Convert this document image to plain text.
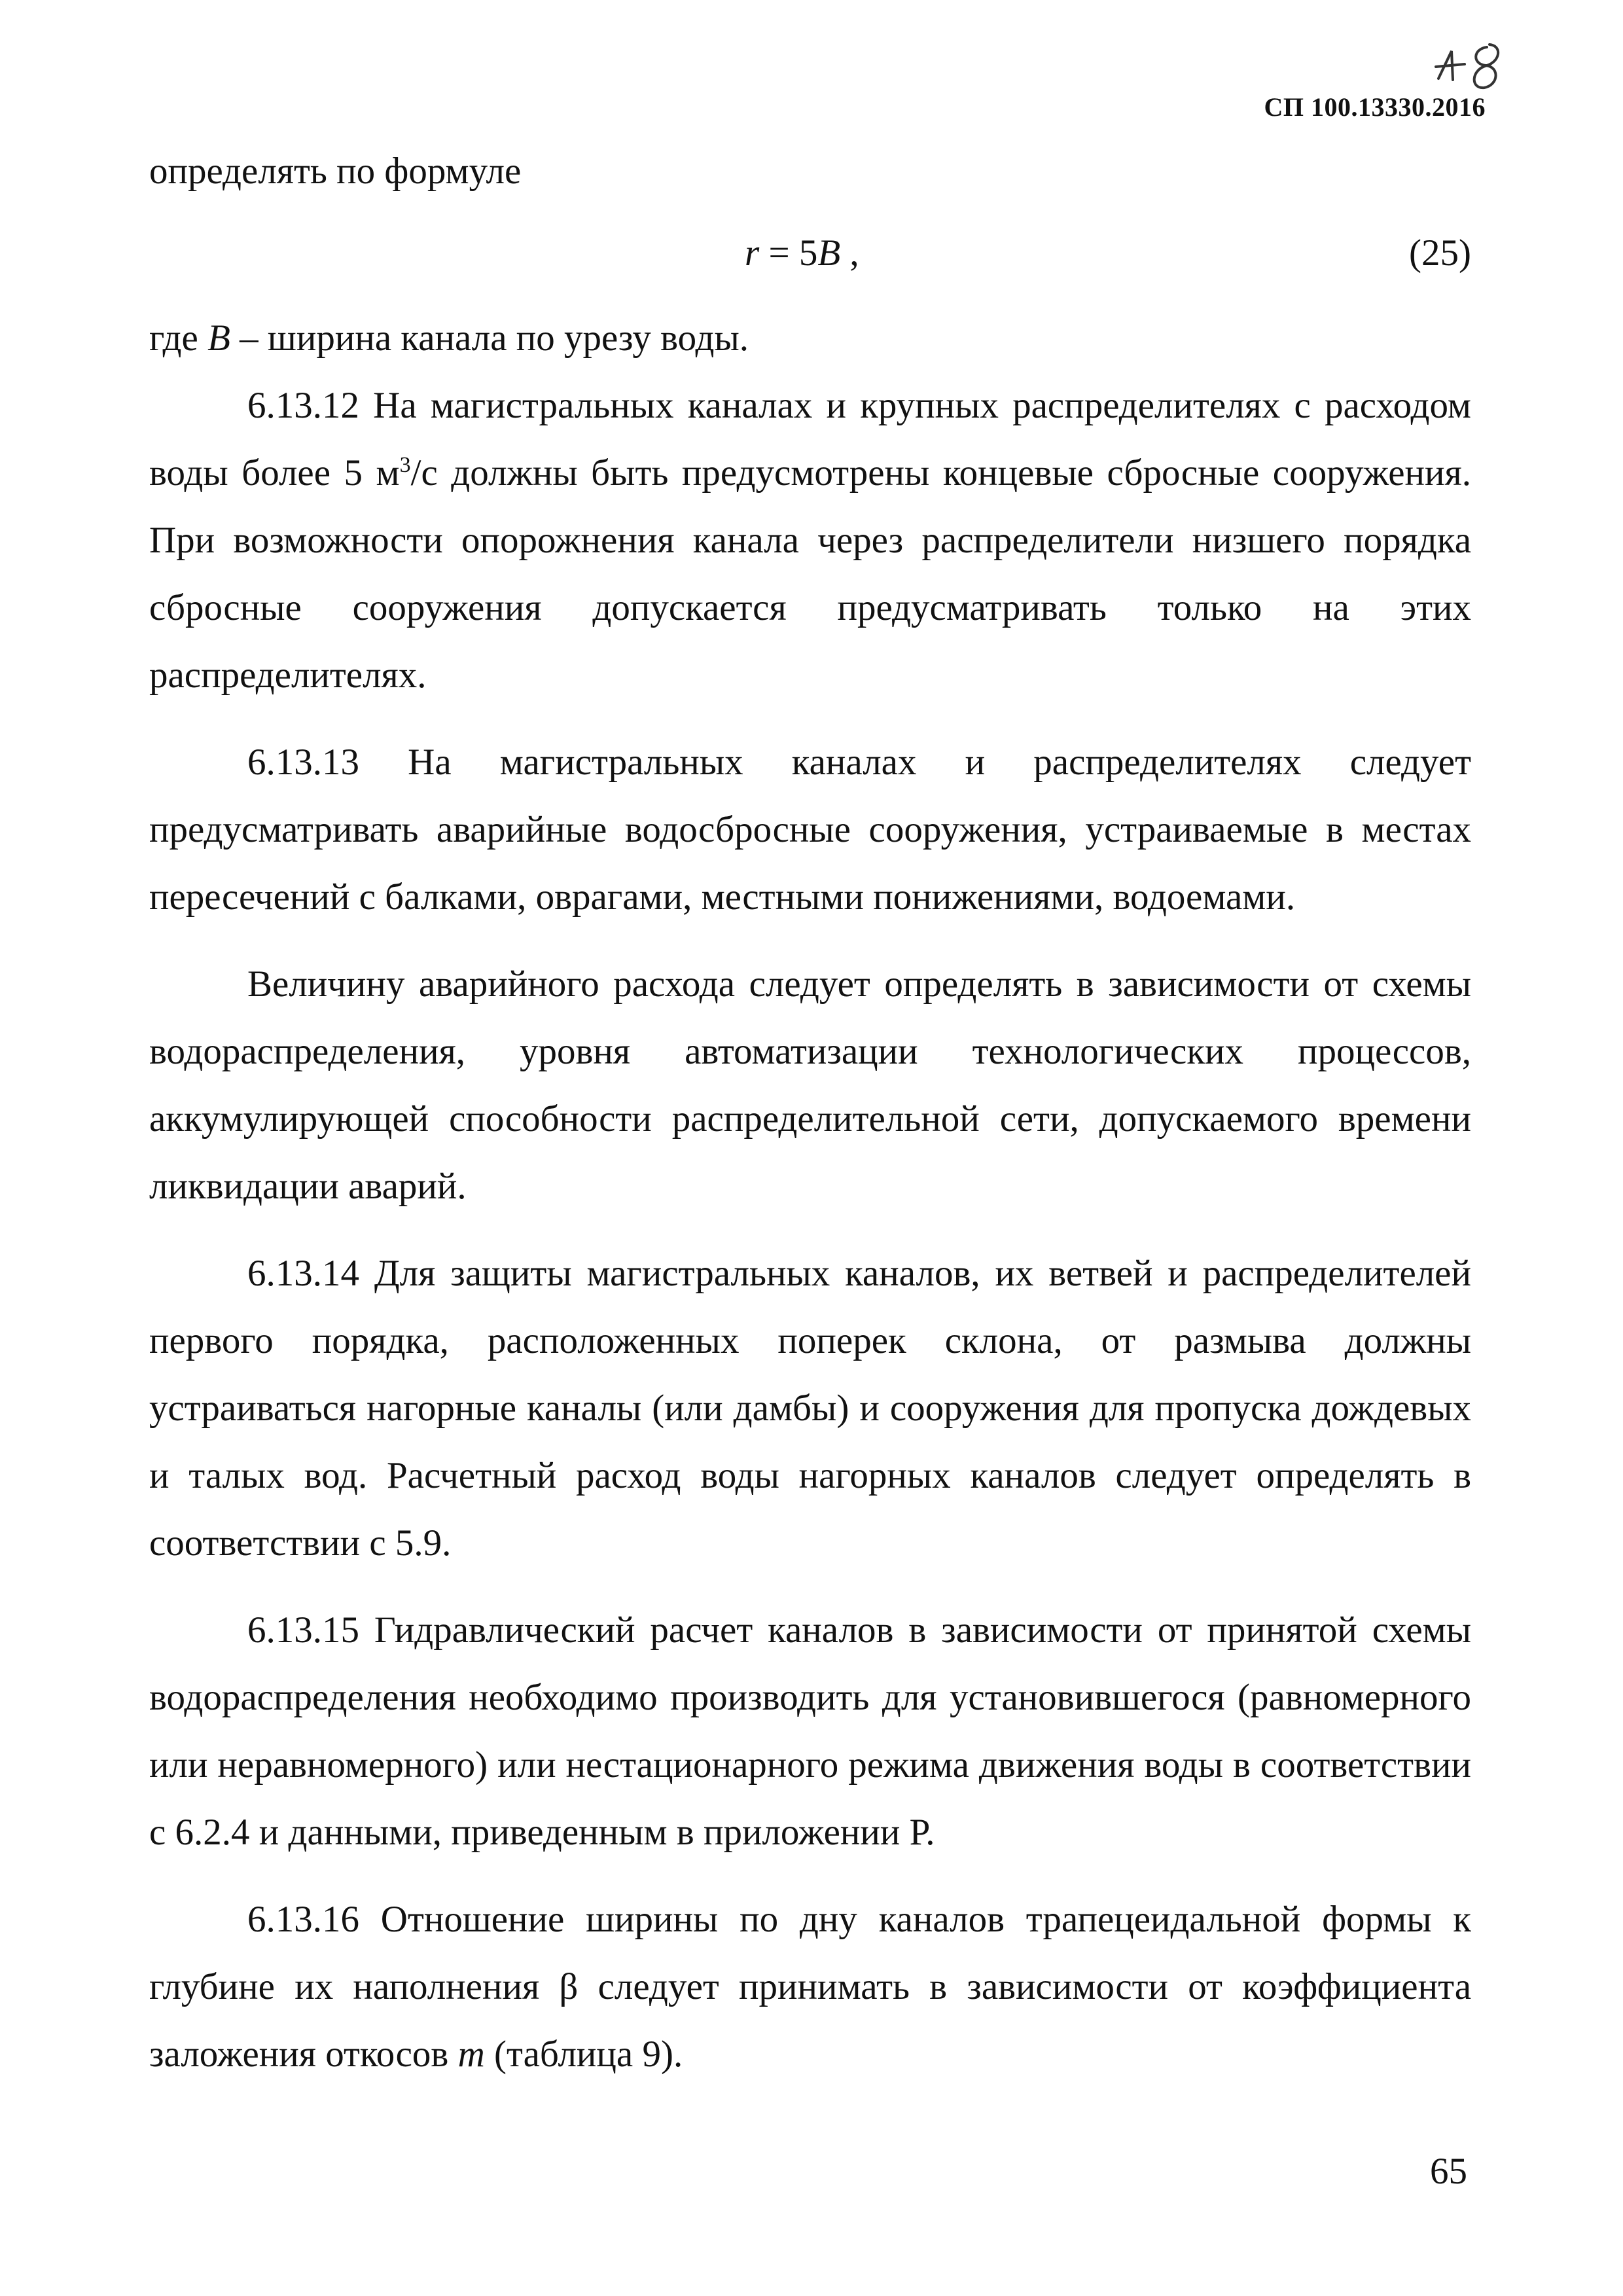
СП 100.13330.2016
определять по формуле
r = 5B ,	(25)
где B – ширина канала по урезу воды.

6.13.12 На магистральных каналах и крупных распределителях с расходом воды более 5 $м^3/с$ должны быть предусмотрены концевые сбросные сооружения. При возможности опорожнения канала через распределители низшего порядка сбросные сооружения допускается предусматривать только на этих распределителях.

6.13.13 На магистральных каналах и распределителях следует предусматривать аварийные водосбросные сооружения, устраиваемые в местах пересечений с балками, оврагами, местными понижениями, водоемами.

Величину аварийного расхода следует определять в зависимости от схемы водораспределения, уровня автоматизации технологических процессов, аккумулирующей способности распределительной сети, допускаемого времени ликвидации аварий.

6.13.14 Для защиты магистральных каналов, их ветвей и распределителей первого порядка, расположенных поперек склона, от размыва должны устраиваться нагорные каналы (или дамбы) и сооружения для пропуска дождевых и талых вод. Расчетный расход воды нагорных каналов следует определять в соответствии с 5.9.

6.13.15 Гидравлический расчет каналов в зависимости от принятой схемы водораспределения необходимо производить для установившегося (равномерного или неравномерного) или нестационарного режима движения воды в соответствии с 6.2.4 и данными, приведенным в приложении Р.

6.13.16 Отношение ширины по дну каналов трапецеидальной формы к глубине их наполнения β следует принимать в зависимости от коэффициента заложения откосов m (таблица 9).

65
